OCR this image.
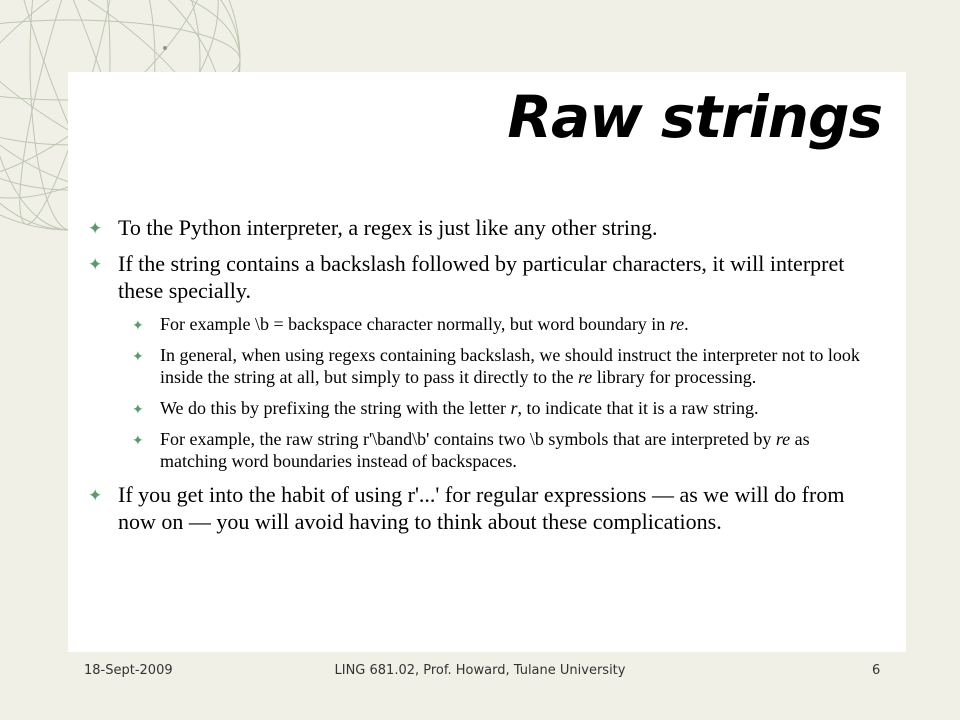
Raw strings
✦ To the Python interpreter, a regex is just like any other string.
✦ If the string contains a backslash followed by particular characters, it will interpret these specially.
✦ For example \b = backspace character normally, but word boundary in re.
✦ In general, when using regexs containing backslash, we should instruct the interpreter not to look inside the string at all, but simply to pass it directly to the re library for processing.
✦ We do this by prefixing the string with the letter r, to indicate that it is a raw string.
✦ For example, the raw string r'\band\b' contains two \b symbols that are interpreted by re as matching word boundaries instead of backspaces.
✦ If you get into the habit of using r'...' for regular expressions — as we will do from now on — you will avoid having to think about these complications.
18-Sept-2009	LING 681.02, Prof. Howard, Tulane University	6
